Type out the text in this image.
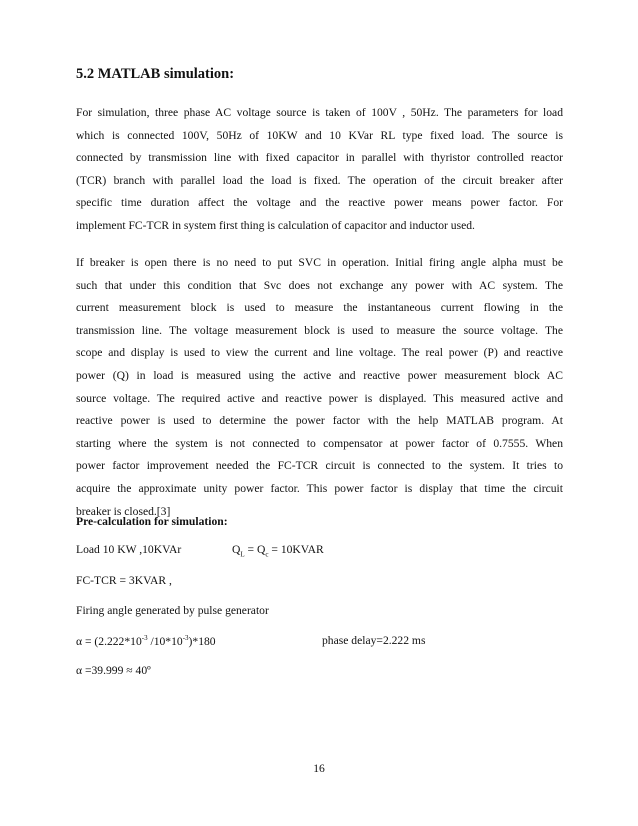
5.2 MATLAB simulation:
For simulation, three phase AC voltage source is taken of 100V , 50Hz. The parameters for load
which is connected 100V, 50Hz of 10KW and 10 KVar RL type fixed load. The source is
connected by transmission line with fixed capacitor in parallel with thyristor controlled reactor
(TCR) branch with parallel load the load is fixed. The operation of the circuit breaker after
specific time duration affect the voltage and the reactive power means power factor. For
implement FC-TCR in system first thing is calculation of capacitor and inductor used.
If breaker is open there is no need to put SVC in operation. Initial firing angle alpha must be
such that under this condition that Svc does not exchange any power with AC system. The
current measurement block is used to measure the instantaneous current flowing in the
transmission line. The voltage measurement block is used to measure the source voltage. The
scope and display is used to view the current and line voltage. The real power (P) and reactive
power (Q) in load is measured using the active and reactive power measurement block AC
source voltage. The required active and reactive power is displayed. This measured active and
reactive power is used to determine the power factor with the help MATLAB program. At
starting where the system is not connected to compensator at power factor of 0.7555. When
power factor improvement needed the FC-TCR circuit is connected to the system. It tries to
acquire the approximate unity power factor. This power factor is display that time the circuit
breaker is closed.[3]
Pre-calculation for simulation:
Load 10 KW ,10KVAr	$Q_L = Q_c$ = 10KVAR
FC-TCR = 3KVAR ,
Firing angle generated by pulse generator
$\alpha = (2.222*10^{-3}$ $/10*10^{-3})*180$	phase delay=2.222 ms
α =39.999 ≈ 40º
16
